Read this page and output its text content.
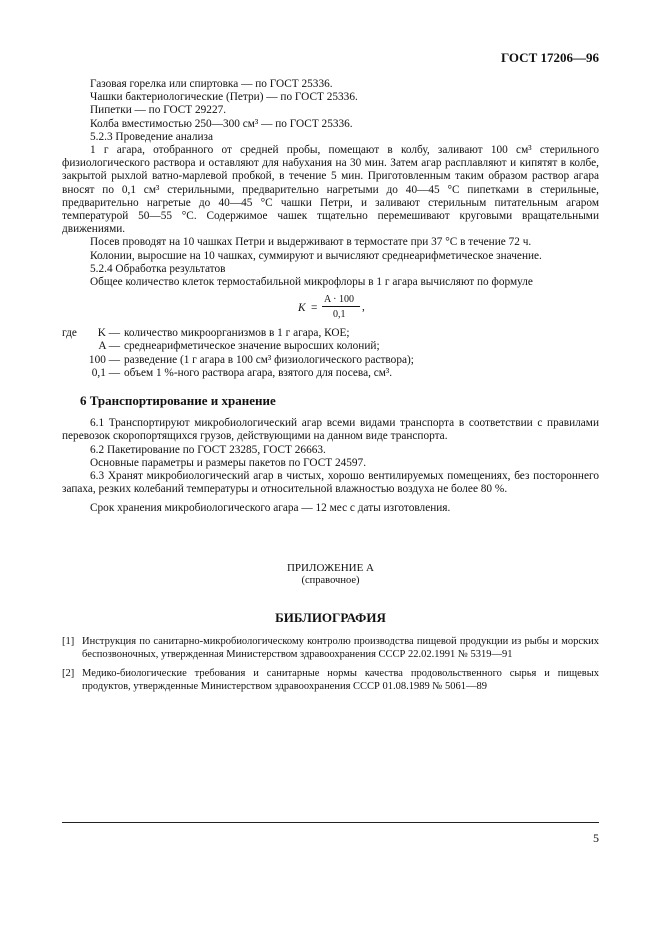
ГОСТ 17206—96

Газовая горелка или спиртовка — по ГОСТ 25336.

Чашки бактериологические (Петри) — по ГОСТ 25336.

Пипетки — по ГОСТ 29227.

Колба вместимостью 250—300 см³ — по ГОСТ 25336.

5.2.3 Проведение анализа

1 г агара, отобранного от средней пробы, помещают в колбу, заливают 100 см³ стерильного физиологического раствора и оставляют для набухания на 30 мин. Затем агар расплавляют и кипятят в колбе, закрытой рыхлой ватно-марлевой пробкой, в течение 5 мин. Приготовленным таким образом раствор агара вносят по 0,1 см³ стерильными, предварительно нагретыми до 40—45 °С пипетками в стерильные, предварительно нагретые до 40—45 °С чашки Петри, и заливают стерильным питательным агаром температурой 50—55 °С. Содержимое чашек тщательно перемешивают круговыми вращательными движениями.

Посев проводят на 10 чашках Петри и выдерживают в термостате при 37 °С в течение 72 ч.

Колонии, выросшие на 10 чашках, суммируют и вычисляют среднеарифметическое значение.

5.2.4 Обработка результатов

Общее количество клеток термостабильной микрофлоры в 1 г агара вычисляют по формуле

K =
A · 100
0,1
,
где	K — количество микроорганизмов в 1 г агара, КОЕ;
A — среднеарифметическое значение выросших колоний;
100 — разведение (1 г агара в 100 см³ физиологического раствора);
0,1 — объем 1 %-ного раствора агара, взятого для посева, см³.
6 Транспортирование и хранение

6.1 Транспортируют микробиологический агар всеми видами транспорта в соответствии с правилами перевозок скоропортящихся грузов, действующими на данном виде транспорта.

6.2 Пакетирование по ГОСТ 23285, ГОСТ 26663.

Основные параметры и размеры пакетов по ГОСТ 24597.

6.3 Хранят микробиологический агар в чистых, хорошо вентилируемых помещениях, без постороннего запаха, резких колебаний температуры и относительной влажностью воздуха не более 80 %.

Срок хранения микробиологического агара — 12 мес с даты изготовления.

ПРИЛОЖЕНИЕ А
(справочное)
БИБЛИОГРАФИЯ
[1] Инструкция по санитарно-микробиологическому контролю производства пищевой продукции из рыбы и морских беспозвоночных, утвержденная Министерством здравоохранения СССР 22.02.1991 № 5319—91
[2] Медико-биологические требования и санитарные нормы качества продовольственного сырья и пищевых продуктов, утвержденные Министерством здравоохранения СССР 01.08.1989 № 5061—89
5
